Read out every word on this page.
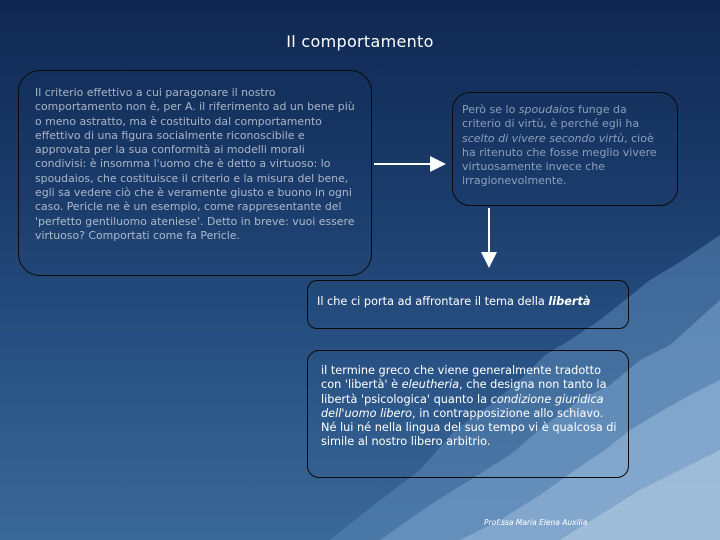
Il comportamento
Il criterio effettivo a cui paragonare il nostro comportamento non è, per A. il riferimento ad un bene più o meno astratto, ma è costituito dal comportamento effettivo di una figura socialmente riconoscibile e approvata per la sua conformità ai modelli morali condivisi: è insomma l'uomo che è detto a virtuoso: lo spoudaios, che costituisce il criterio e la misura del bene, egli sa vedere ciò che è veramente giusto e buono in ogni caso. Pericle ne è un esempio, come rappresentante del 'perfetto gentiluomo ateniese'. Detto in breve: vuoi essere virtuoso? Comportati come fa Pericle.
Però se lo spoudaios funge da criterio di virtù, è perché egli ha scelto di vivere secondo virtù, cioè ha ritenuto che fosse meglio vivere virtuosamente invece che irragionevolmente.
Il che ci porta ad affrontare il tema della libertà
il termine greco che viene generalmente tradotto con 'libertà' è eleutheria, che designa non tanto la libertà 'psicologica' quanto la condizione giuridica dell'uomo libero, in contrapposizione allo schiavo. Né lui né nella lingua del suo tempo vi è qualcosa di simile al nostro libero arbitrio.
Prof.ssa Maria Elena Auxilia
